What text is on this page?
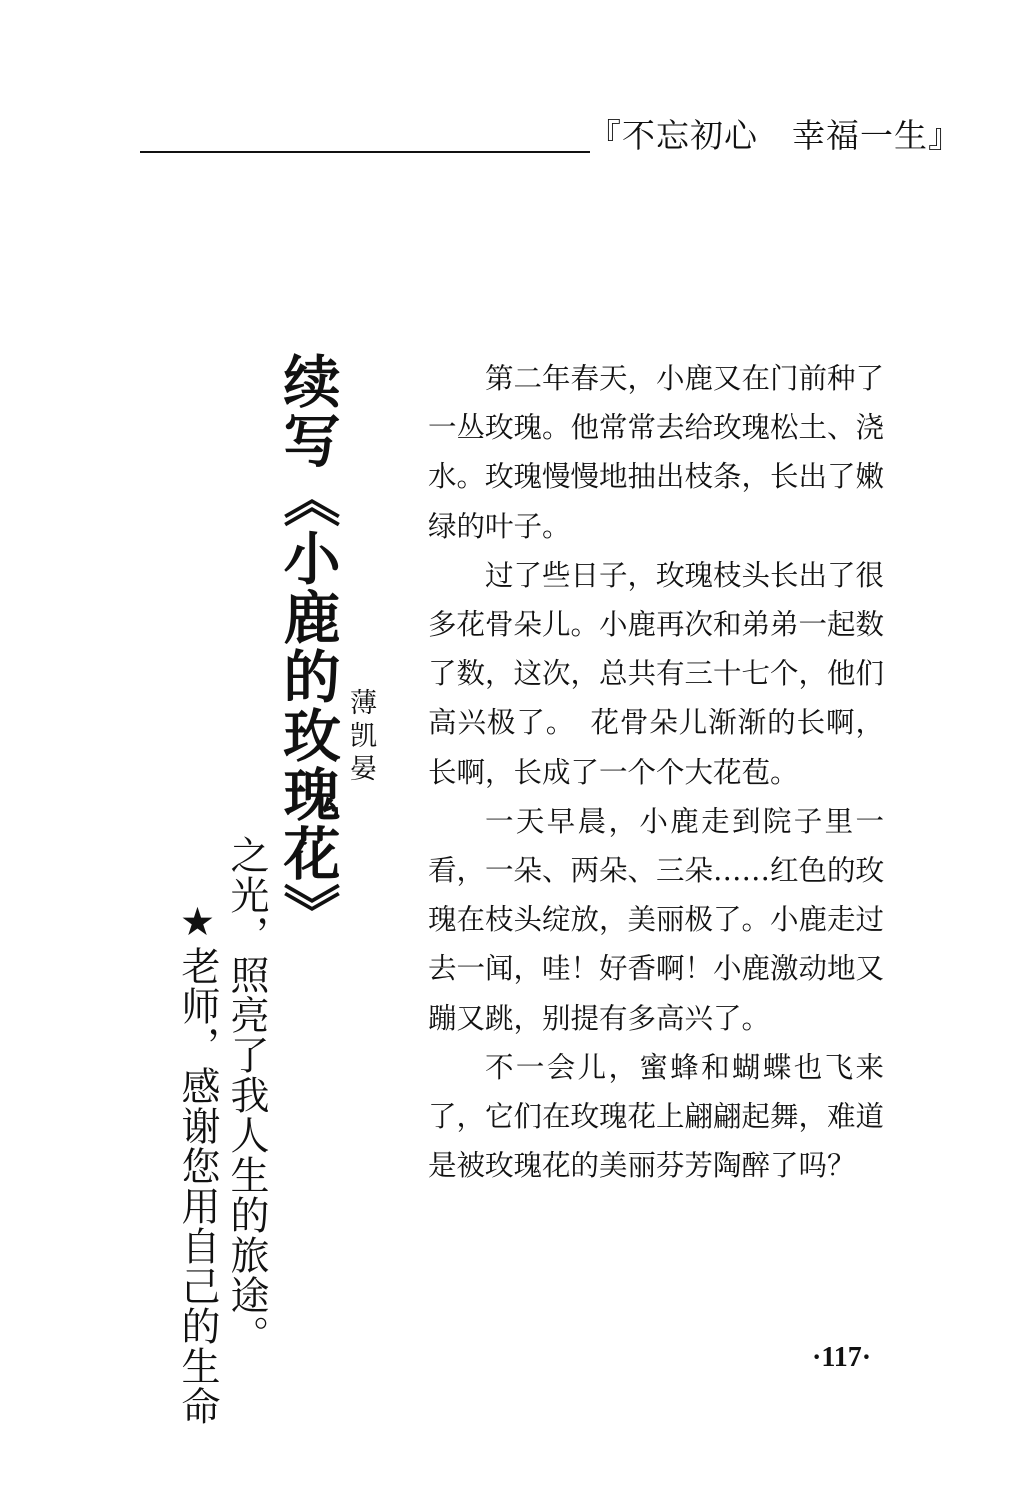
『不忘初心　幸福一生』
续写《小鹿的玫瑰花》 薄凯晏
之光，照亮了我人生的旅途。
★老师，感谢您用自己的生命

第二年春天，小鹿又在门前种了一丛玫瑰。他常常去给玫瑰松土、浇水。玫瑰慢慢地抽出枝条，长出了嫩绿的叶子。

过了些日子，玫瑰枝头长出了很多花骨朵儿。小鹿再次和弟弟一起数了数，这次，总共有三十七个，他们高兴极了。　花骨朵儿渐渐的长啊，长啊，长成了一个个大花苞。

一天早晨，小鹿走到院子里一看，一朵、两朵、三朵……红色的玫瑰在枝头绽放，美丽极了。小鹿走过去一闻，哇！好香啊！小鹿激动地又蹦又跳，别提有多高兴了。

不一会儿，蜜蜂和蝴蝶也飞来了，它们在玫瑰花上翩翩起舞，难道是被玫瑰花的美丽芬芳陶醉了吗？

·117·
